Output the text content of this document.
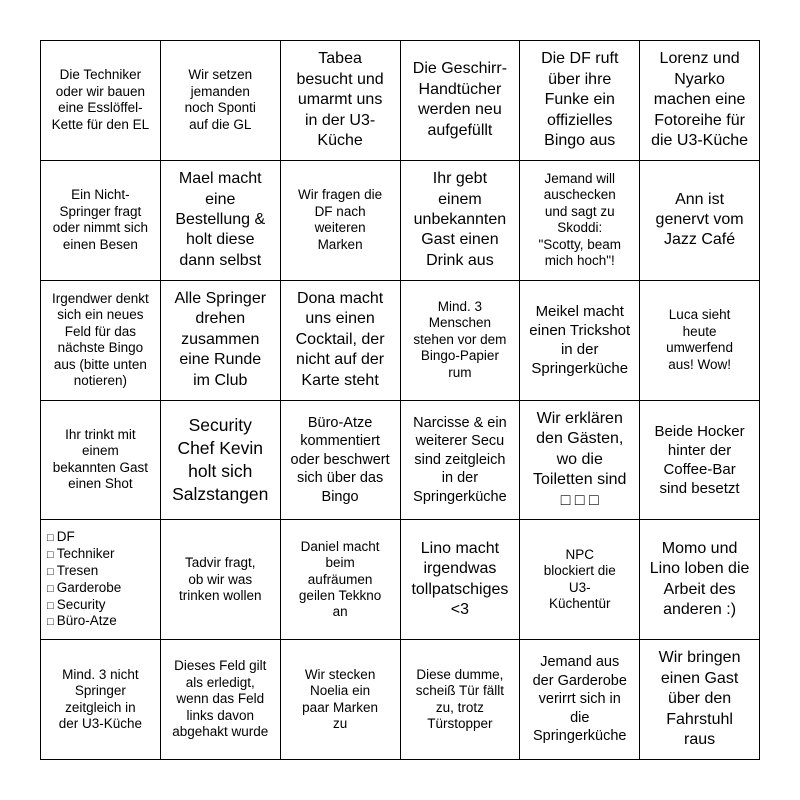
Die Techniker oder wir bauen eine Esslöffel-Kette für den EL
Wir setzen jemanden noch Sponti auf die GL
Tabea besucht und umarmt uns in der U3-Küche
Die Geschirr-Handtücher werden neu aufgefüllt
Die DF ruft über ihre Funke ein offizielles Bingo aus
Lorenz und Nyarko machen eine Fotoreihe für die U3-Küche
Ein Nicht-Springer fragt oder nimmt sich einen Besen
Mael macht eine Bestellung & holt diese dann selbst
Wir fragen die DF nach weiteren Marken
Ihr gebt einem unbekannten Gast einen Drink aus
Jemand will auschecken und sagt zu Skoddi: "Scotty, beam mich hoch"!
Ann ist genervt vom Jazz Café
Irgendwer denkt sich ein neues Feld für das nächste Bingo aus (bitte unten notieren)
Alle Springer drehen zusammen eine Runde im Club
Dona macht uns einen Cocktail, der nicht auf der Karte steht
Mind. 3 Menschen stehen vor dem Bingo-Papier rum
Meikel macht einen Trickshot in der Springerküche
Luca sieht heute umwerfend aus! Wow!
Ihr trinkt mit einem bekannten Gast einen Shot
Security Chef Kevin holt sich Salzstangen
Büro-Atze kommentiert oder beschwert sich über das Bingo
Narcisse & ein weiterer Secu sind zeitgleich in der Springerküche
Wir erklären den Gästen, wo die Toiletten sind □ □ □
Beide Hocker hinter der Coffee-Bar sind besetzt
□ DF
□ Techniker
□ Tresen
□ Garderobe
□ Security
□ Büro-Atze
Tadvir fragt, ob wir was trinken wollen
Daniel macht beim aufräumen geilen Tekkno an
Lino macht irgendwas tollpatschiges <3
NPC blockiert die U3-Küchentür
Momo und Lino loben die Arbeit des anderen :)
Mind. 3 nicht Springer zeitgleich in der U3-Küche
Dieses Feld gilt als erledigt, wenn das Feld links davon abgehakt wurde
Wir stecken Noelia ein paar Marken zu
Diese dumme, scheiß Tür fällt zu, trotz Türstopper
Jemand aus der Garderobe verirrt sich in die Springerküche
Wir bringen einen Gast über den Fahrstuhl raus
